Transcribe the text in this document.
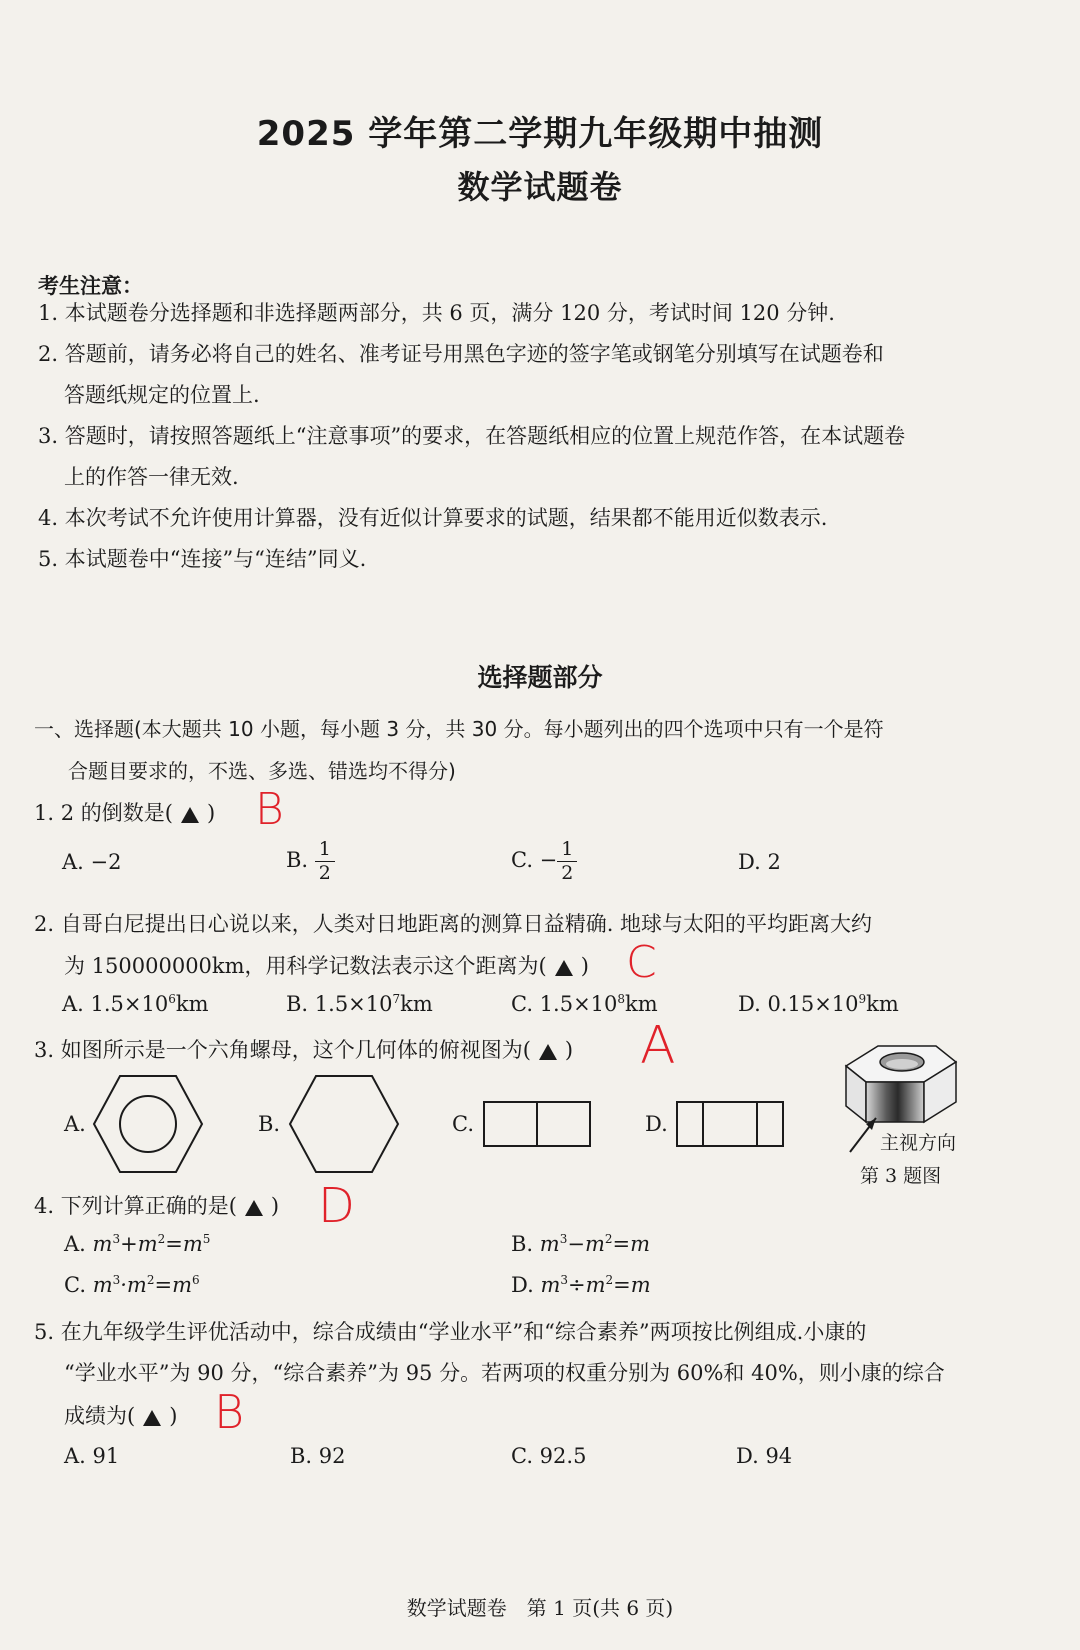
2025 学年第二学期九年级期中抽测
数学试题卷
考生注意：
1. 本试题卷分选择题和非选择题两部分，共 6 页，满分 120 分，考试时间 120 分钟.
2. 答题前，请务必将自己的姓名、准考证号用黑色字迹的签字笔或钢笔分别填写在试题卷和
答题纸规定的位置上.
3. 答题时，请按照答题纸上“注意事项”的要求，在答题纸相应的位置上规范作答，在本试题卷
上的作答一律无效.
4. 本次考试不允许使用计算器，没有近似计算要求的试题，结果都不能用近似数表示.
5. 本试题卷中“连接”与“连结”同义.
选择题部分
一、选择题(本大题共 10 小题，每小题 3 分，共 30 分。每小题列出的四个选项中只有一个是符
合题目要求的，不选、多选、错选均不得分)
1. 2 的倒数是( ) B
A. −2	B. $\frac{1}{2}$	C. − $\frac{1}{2}$	D. 2
2. 自哥白尼提出日心说以来，人类对日地距离的测算日益精确. 地球与太阳的平均距离大约
为 150000000km，用科学记数法表示这个距离为( ) C
A. $1.5\times 10^6km$	B. $1.5\times 10^7km$	C. $1.5\times 10^8km$	D. $0.15\times 10^9km$
3. 如图所示是一个六角螺母，这个几何体的俯视图为( ) A
A.	B.	C.	D.
主视方向
第 3 题图
4. 下列计算正确的是( ) D
A. $m^3+m^2=m^5$	B. $m^3-m^2=m$
C. $m^3\cdot m^2=m^6$	D. $m^3\div m^2=m$
5. 在九年级学生评优活动中，综合成绩由“学业水平”和“综合素养”两项按比例组成.小康的
“学业水平”为 90 分，“综合素养”为 95 分。若两项的权重分别为 60%和 40%，则小康的综合
成绩为( ) B
A. 91	B. 92	C. 92.5	D. 94
数学试题卷　第 1 页(共 6 页)
